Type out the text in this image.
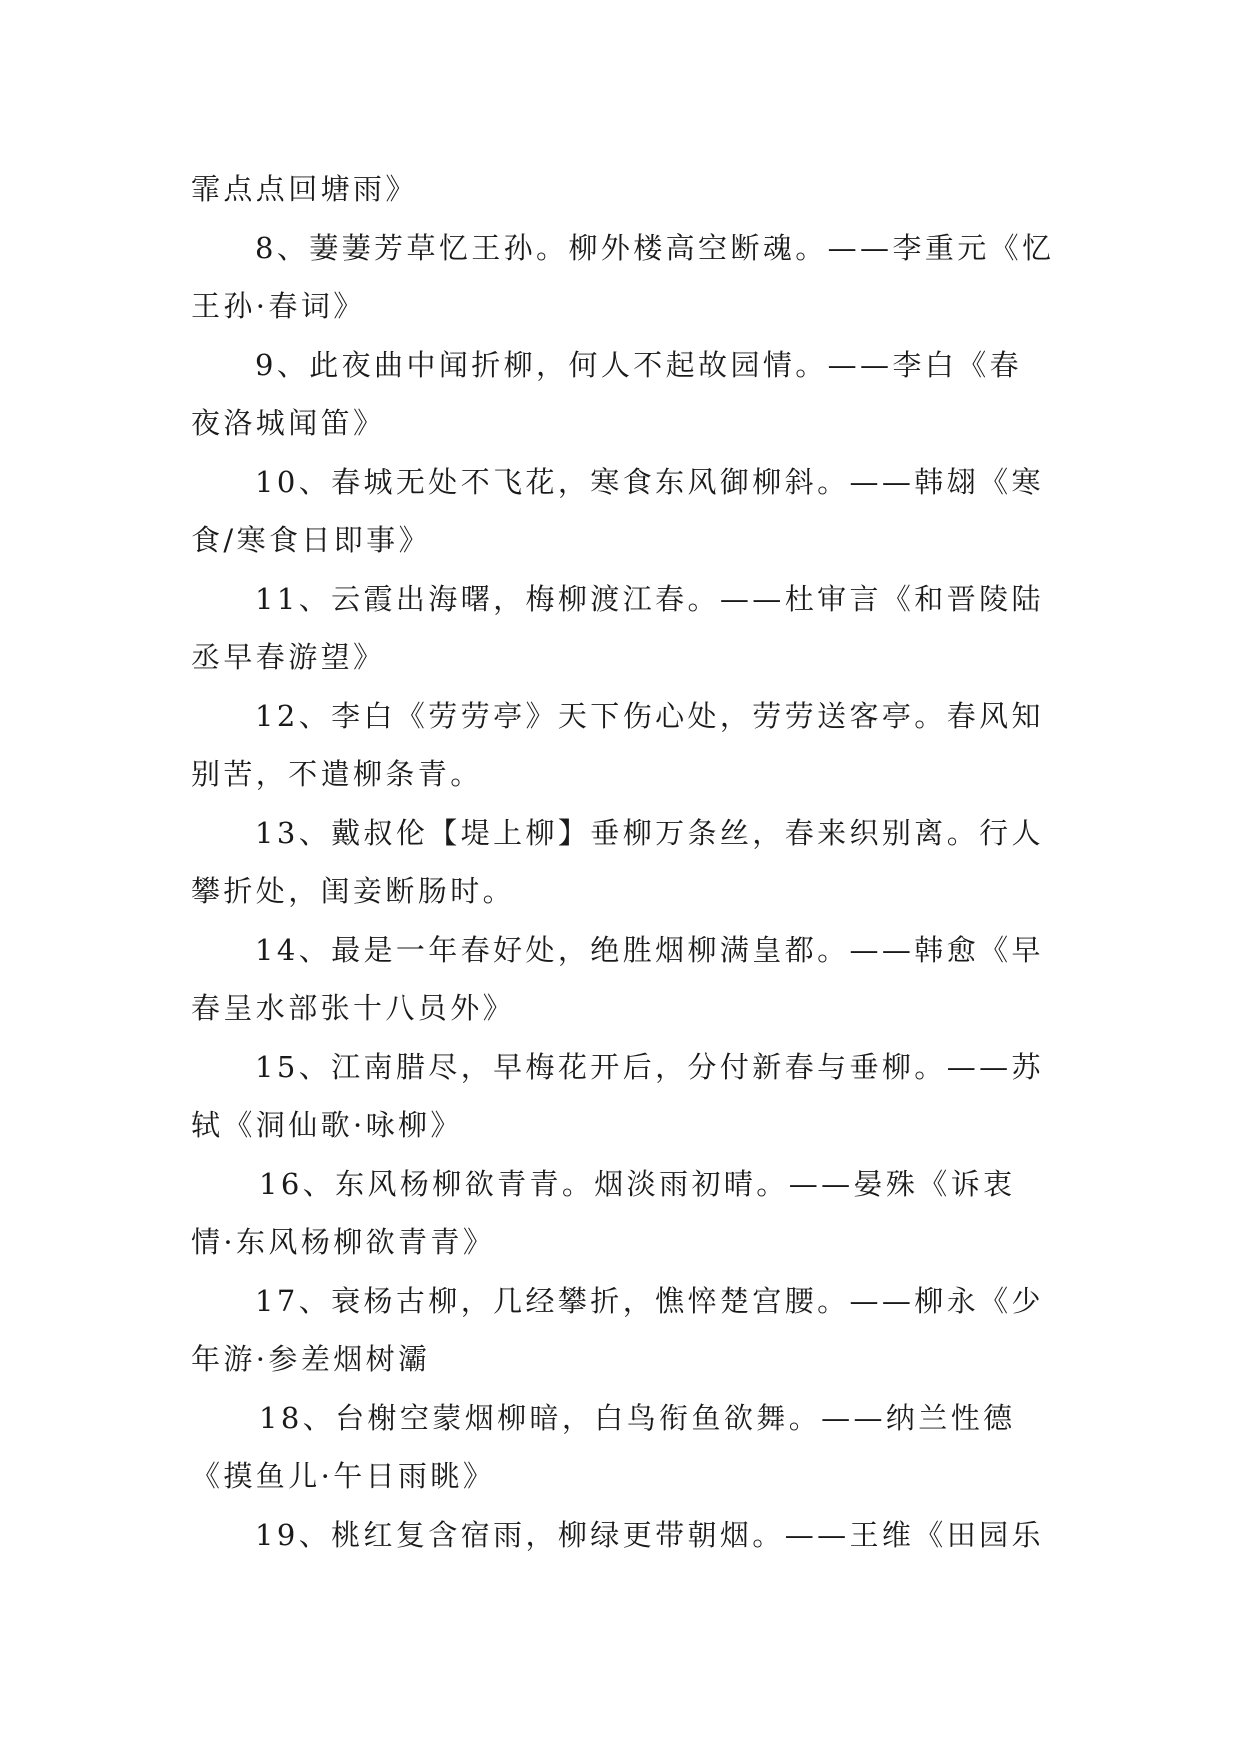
霏点点回塘雨》
8、萋萋芳草忆王孙。柳外楼高空断魂。——李重元《忆
王孙·春词》
9、此夜曲中闻折柳，何人不起故园情。——李白《春
夜洛城闻笛》
10、春城无处不飞花，寒食东风御柳斜。——韩翃《寒
食/寒食日即事》
11、云霞出海曙，梅柳渡江春。——杜审言《和晋陵陆
丞早春游望》
12、李白《劳劳亭》天下伤心处，劳劳送客亭。春风知
别苦，不遣柳条青。
13、戴叔伦【堤上柳】垂柳万条丝，春来织别离。行人
攀折处，闺妾断肠时。
14、最是一年春好处，绝胜烟柳满皇都。——韩愈《早
春呈水部张十八员外》
15、江南腊尽，早梅花开后，分付新春与垂柳。——苏
轼《洞仙歌·咏柳》
16、东风杨柳欲青青。烟淡雨初晴。——晏殊《诉衷
情·东风杨柳欲青青》
17、衰杨古柳，几经攀折，憔悴楚宫腰。——柳永《少
年游·参差烟树灞
18、台榭空蒙烟柳暗，白鸟衔鱼欲舞。——纳兰性德
《摸鱼儿·午日雨眺》
19、桃红复含宿雨，柳绿更带朝烟。——王维《田园乐
